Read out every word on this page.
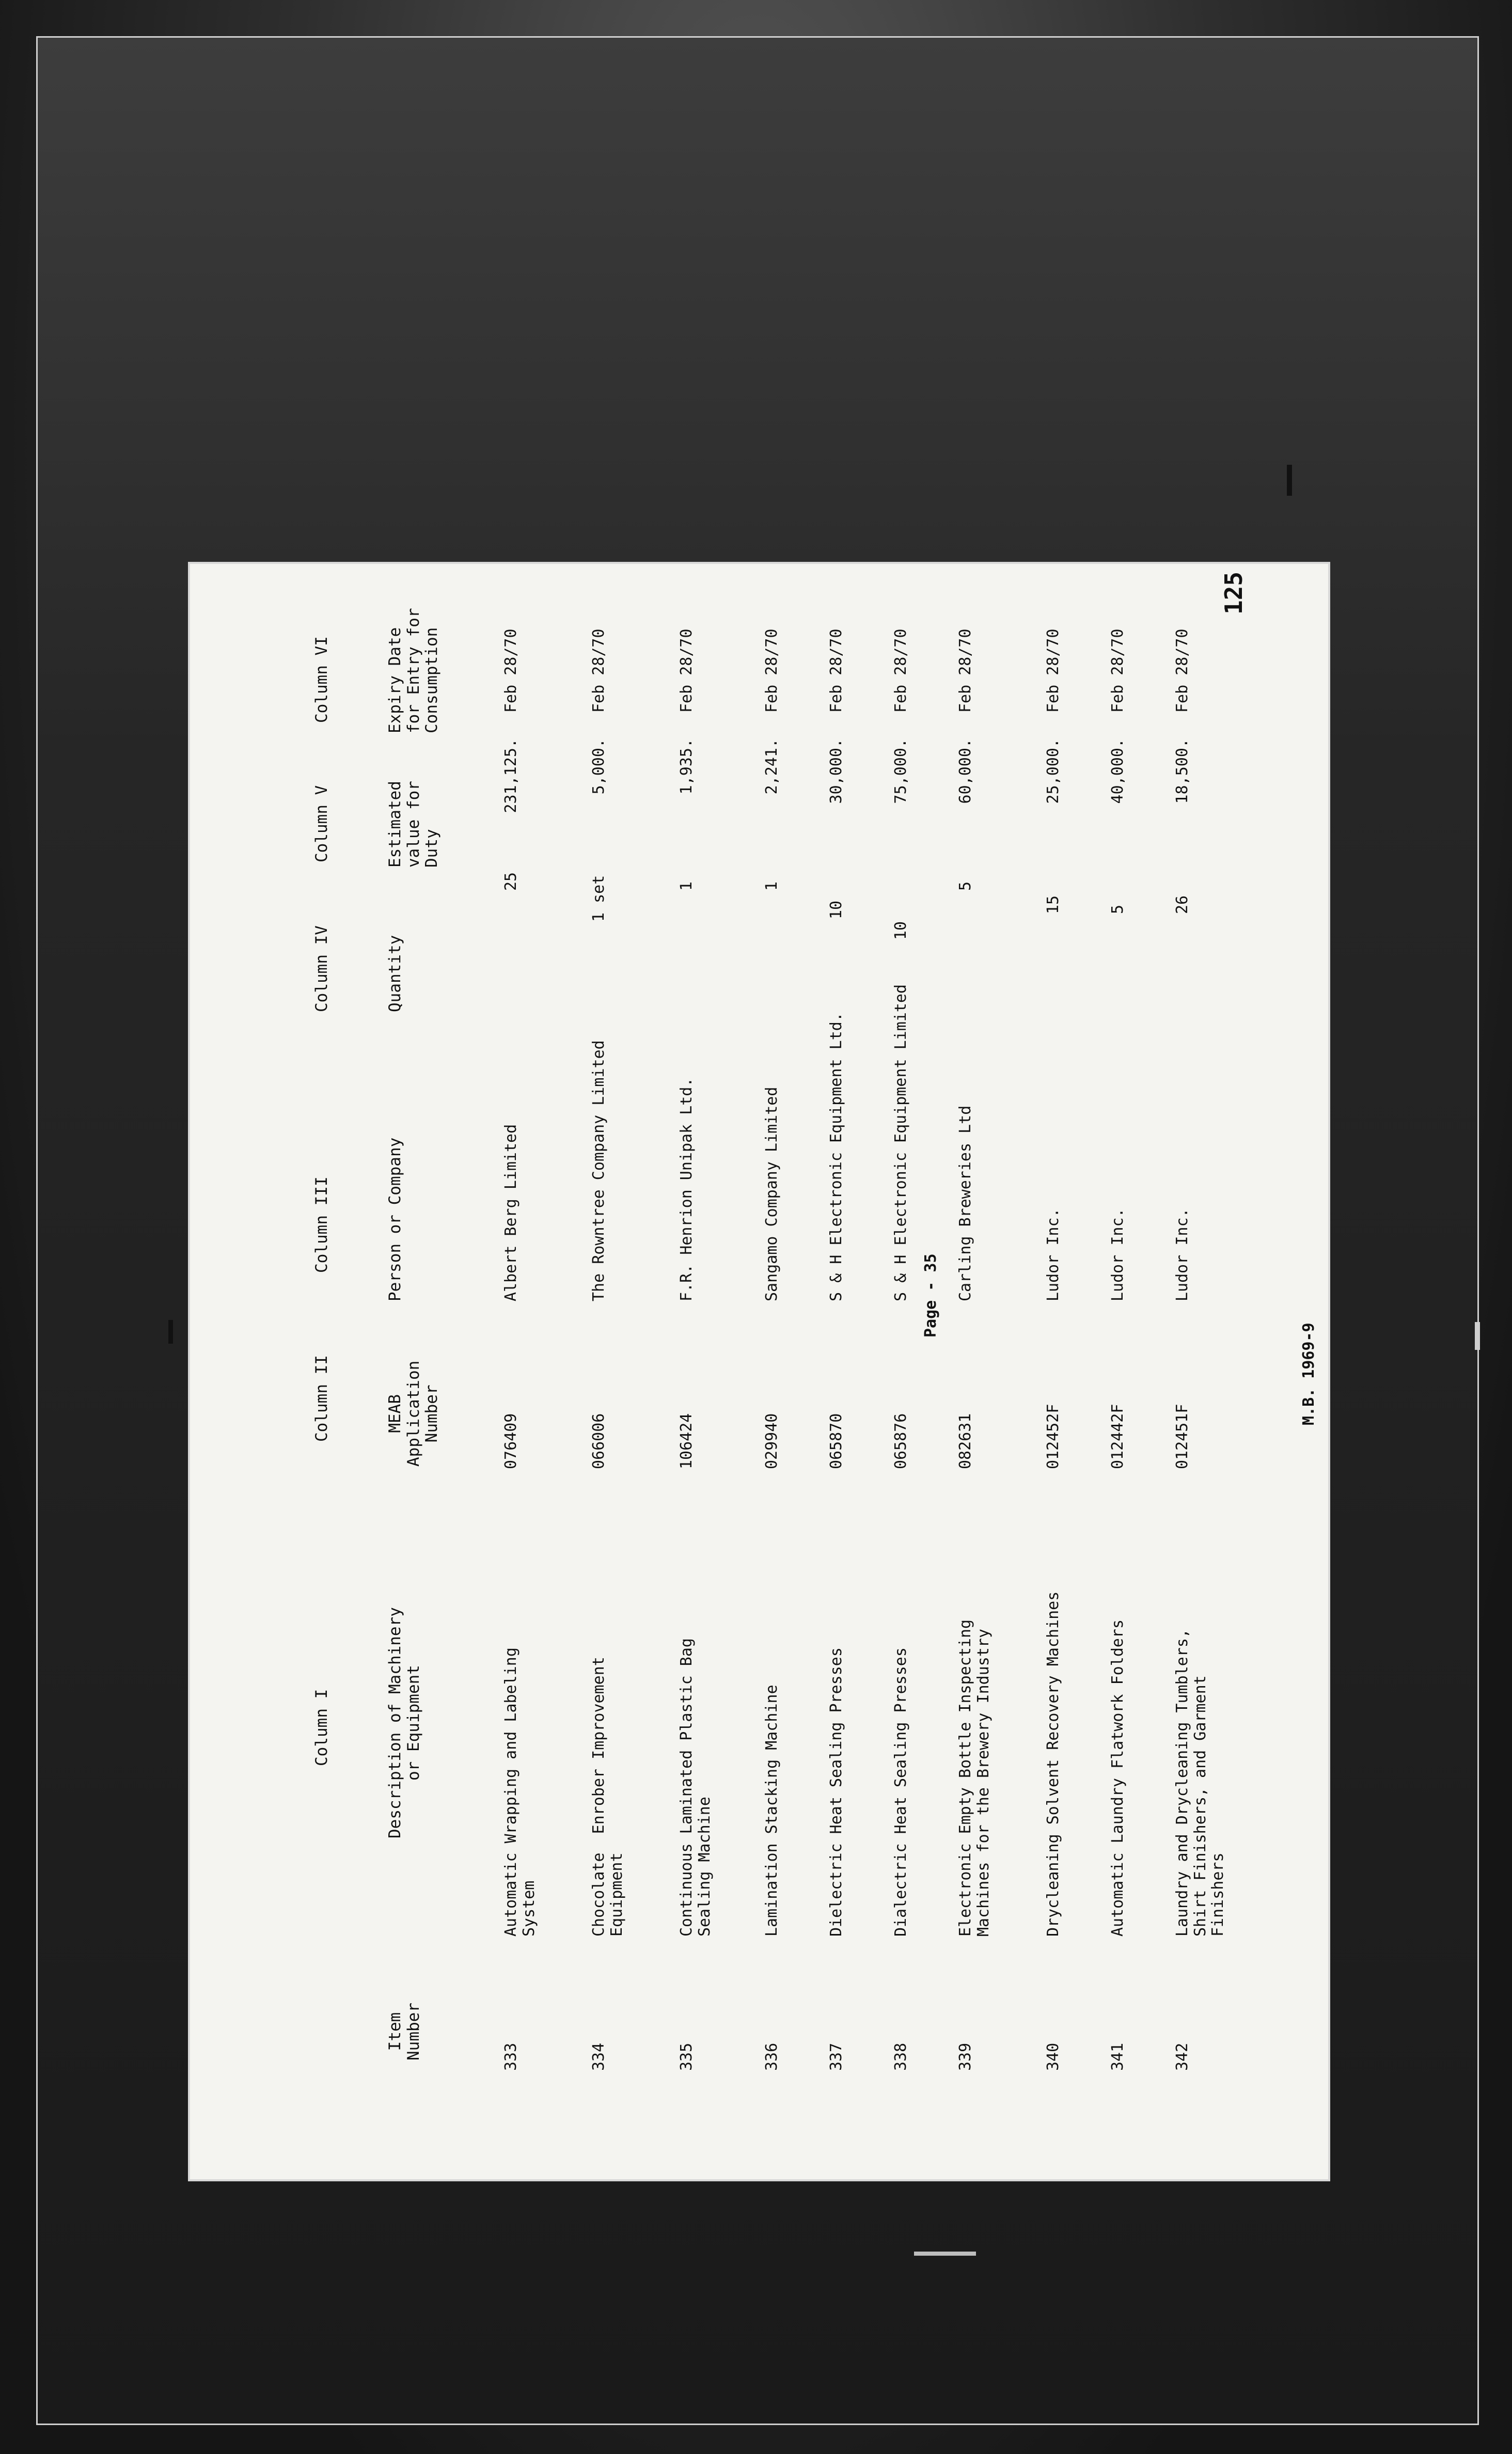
Page - 35
125
M.B. 1969-9
Column I
Column II
Column III
Column IV
Column V
Column VI
Item
Number
Description of Machinery
or Equipment
MEAB
Application
Number
Person or Company
Quantity
Estimated
value for
Duty
Expiry Date
for Entry for
Consumption
333
Automatic Wrapping and Labeling
System
076409
Albert Berg Limited
25
231,125.
Feb 28/70
334
Chocolate  Enrober Improvement
Equipment
066006
The Rowntree Company Limited
1 set
5,000.
Feb 28/70
335
Continuous Laminated Plastic Bag
Sealing Machine
106424
F.R. Henrion Unipak Ltd.
1
1,935.
Feb 28/70
336
Lamination Stacking Machine
029940
Sangamo Company Limited
1
2,241.
Feb 28/70
337
Dielectric Heat Sealing Presses
065870
S & H Electronic Equipment Ltd.
10
30,000.
Feb 28/70
338
Dialectric Heat Sealing Presses
065876
S & H Electronic Equipment Limited
10
75,000.
Feb 28/70
339
Electronic Empty Bottle Inspecting
Machines for the Brewery Industry
082631
Carling Breweries Ltd
5
60,000.
Feb 28/70
340
Drycleaning Solvent Recovery Machines
012452F
Ludor Inc.
15
25,000.
Feb 28/70
341
Automatic Laundry Flatwork Folders
012442F
Ludor Inc.
5
40,000.
Feb 28/70
342
Laundry and Drycleaning Tumblers,
Shirt Finishers, and Garment
Finishers
012451F
Ludor Inc.
26
18,500.
Feb 28/70
